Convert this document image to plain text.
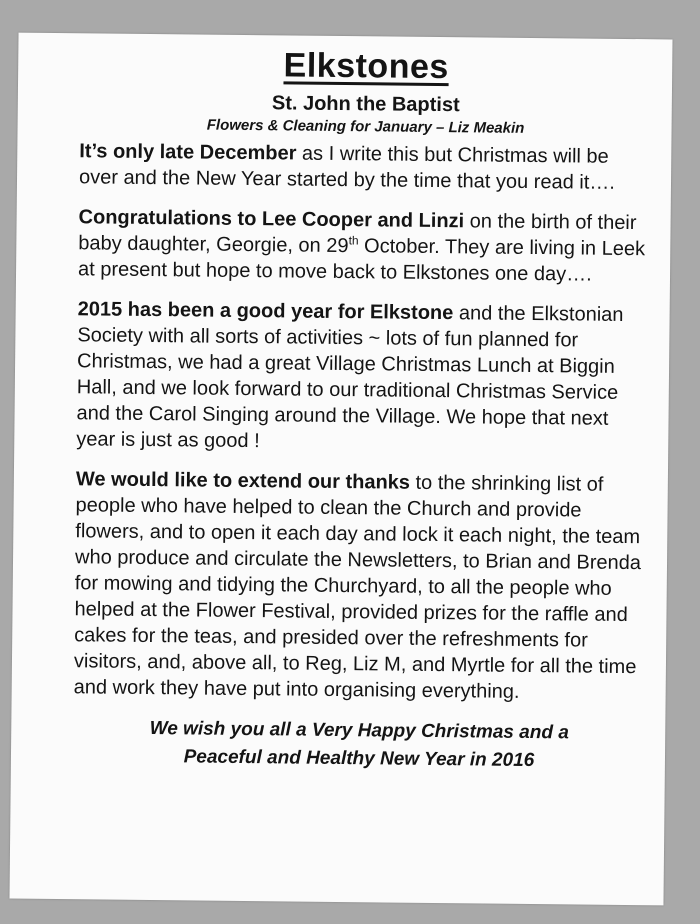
Elkstones
St. John the Baptist
Flowers & Cleaning for January – Liz Meakin

It’s only late December as I write this but Christmas will be over and the New Year started by the time that you read it….

Congratulations to Lee Cooper and Linzi on the birth of their baby daughter, Georgie, on 29th October. They are living in Leek at present but hope to move back to Elkstones one day….

2015 has been a good year for Elkstone and the Elkstonian Society with all sorts of activities ~ lots of fun planned for Christmas, we had a great Village Christmas Lunch at Biggin Hall, and we look forward to our traditional Christmas Service and the Carol Singing around the Village. We hope that next year is just as good !

We would like to extend our thanks to the shrinking list of people who have helped to clean the Church and provide flowers, and to open it each day and lock it each night, the team who produce and circulate the Newsletters, to Brian and Brenda for mowing and tidying the Churchyard, to all the people who helped at the Flower Festival, provided prizes for the raffle and cakes for the teas, and presided over the refreshments for visitors, and, above all, to Reg, Liz M, and Myrtle for all the time and work they have put into organising everything.

We wish you all a Very Happy Christmas and a
Peaceful and Healthy New Year in 2016
